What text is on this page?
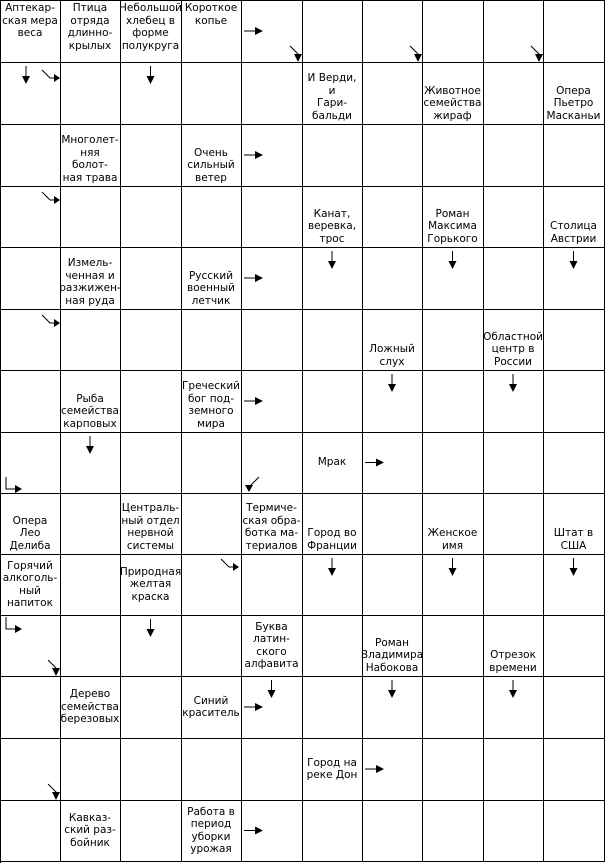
Аптекар-
ская мера
веса
Птица
отряда
длинно-
крылых
Небольшой
хлебец в
форме
полукруга
Короткое
копье
И Верди, и
Гари-
бальди
Животное
семейства
жираф
Опера
Пьетро
Масканьи
Многолет-
няя болот-
ная трава
Очень
сильный
ветер
Канат,
веревка,
трос
Роман
Максима
Горького
Столица
Австрии
Измель-
ченная и
разжижен-
ная руда
Русский
военный
летчик
Ложный
слух
Областной
центр в
России
Рыба
семейства
карповых
Греческий
бог под-
земного
мира
Мрак
Опера
Лео
Делиба
Централь-
ный отдел
нервной
системы
Термиче-
ская обра-
ботка ма-
териалов
Город во
Франции
Женское
имя
Штат в
США
Горячий
алкоголь-
ный
напиток
Природная
желтая
краска
Буква
латин-
ского
алфавита
Роман
Владимира
Набокова
Отрезок
времени
Дерево
семейства
березовых
Синий
краситель
Город на
реке Дон
Кавказ-
ский раз-
бойник
Работа в
период
уборки
урожая
